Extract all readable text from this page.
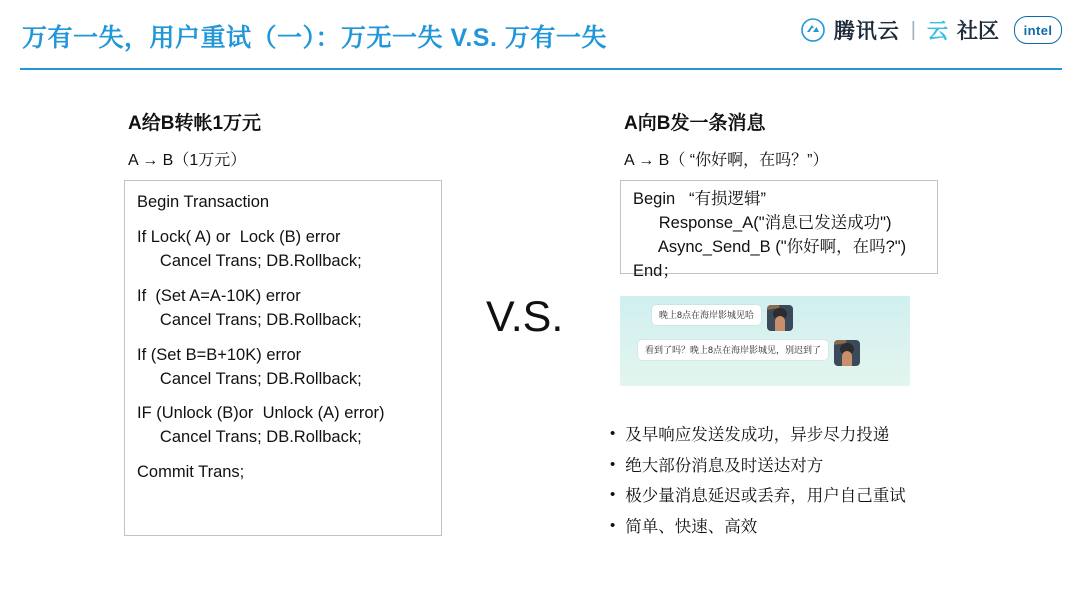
万有一失，用户重试（一）：万无一失 V.S. 万有一失	腾讯云 | 云 社区	intel
A给B转帐1万元
A → B（1万元）
Begin Transaction
If Lock( A) or  Lock (B) error
Cancel Trans; DB.Rollback;
If  (Set A=A-10K) error
Cancel Trans; DB.Rollback;
If (Set B=B+10K) error
Cancel Trans; DB.Rollback;
IF (Unlock (B)or  Unlock (A) error)
Cancel Trans; DB.Rollback;
Commit Trans;
V.S.
A向B发一条消息
A → B（ “你好啊，在吗？”）
Begin   “有损逻辑”
Response_A("消息已发送成功")
Async_Send_B ("你好啊，在吗?")
End；
晚上8点在海岸影城见哈
看到了吗？晚上8点在海岸影城见，别迟到了
• 及早响应发送发成功，异步尽力投递
• 绝大部份消息及时送达对方
• 极少量消息延迟或丢弃，用户自己重试
• 简单、快速、高效
